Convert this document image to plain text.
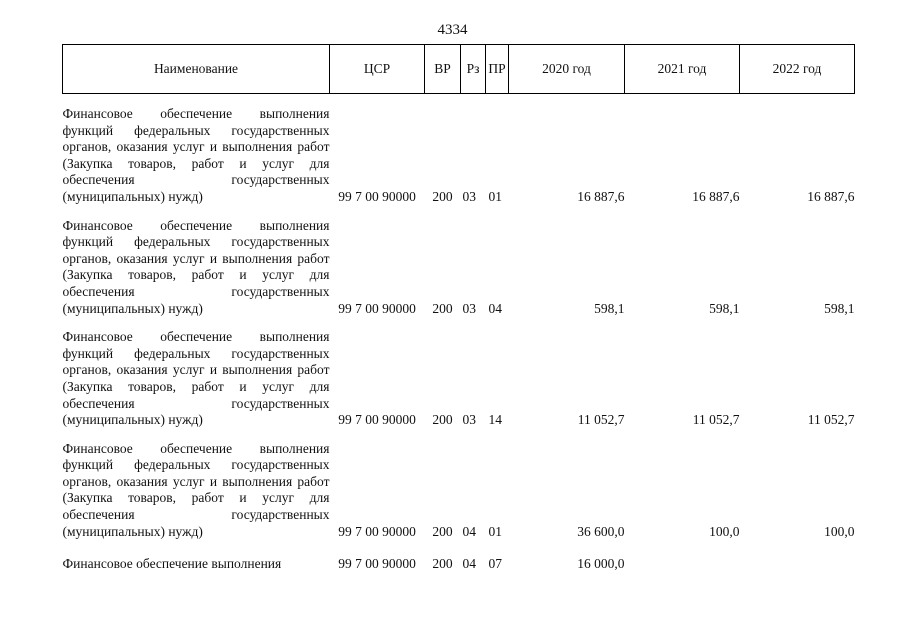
4334
Наименование	ЦСР	ВР	Рз	ПР	2020 год	2021 год	2022 год
Финансовое обеспечение выполнения функций федеральных государственных органов, оказания услуг и выполнения работ (Закупка товаров, работ и услуг для обеспечения государственных (муниципальных) нужд)	99 7 00 90000	200	03	01	16 887,6	16 887,6	16 887,6
Финансовое обеспечение выполнения функций федеральных государственных органов, оказания услуг и выполнения работ (Закупка товаров, работ и услуг для обеспечения государственных (муниципальных) нужд)	99 7 00 90000	200	03	04	598,1	598,1	598,1
Финансовое обеспечение выполнения функций федеральных государственных органов, оказания услуг и выполнения работ (Закупка товаров, работ и услуг для обеспечения государственных (муниципальных) нужд)	99 7 00 90000	200	03	14	11 052,7	11 052,7	11 052,7
Финансовое обеспечение выполнения функций федеральных государственных органов, оказания услуг и выполнения работ (Закупка товаров, работ и услуг для обеспечения государственных (муниципальных) нужд)	99 7 00 90000	200	04	01	36 600,0	100,0	100,0
Финансовое обеспечение выполнения	99 7 00 90000	200	04	07	16 000,0		
